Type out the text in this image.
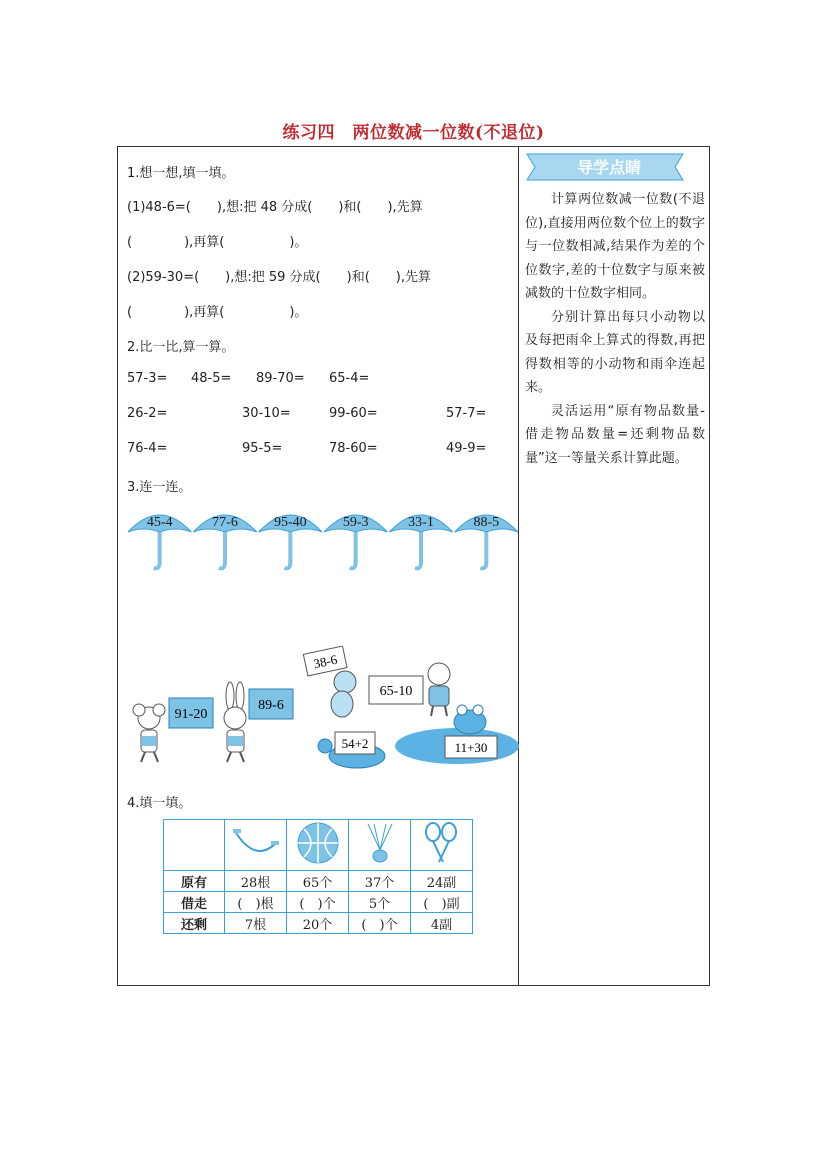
练习四　两位数减一位数(不退位)
1.想一想,填一填。
(1)48-6=(　　),想:把 48 分成(　　)和(　　),先算
(　　　　),再算(　　　　　)。
(2)59-30=(　　),想:把 59 分成(　　)和(　　),先算
(　　　　),再算(　　　　　)。
2.比一比,算一算。
57-3= 48-5= 89-70= 65-4=
26-2=	30-10=	99-60=	57-7=
76-4=	95-5=	78-60=	49-9=
3.连一连。
45-4	77-6	95-40	59-3	33-1	88-5
91-20
89-6
38-6
54+2
65-10
11+30
4.填一填。

原有	28根	65个	37个	24副
借走	(　)根	(　)个	5个	(　)副
还剩	7根	20个	(　)个	4副
导学点睛

计算两位数减一位数(不退位),直接用两位数个位上的数字与一位数相减,结果作为差的个位数字,差的十位数字与原来被减数的十位数字相同。

分别计算出每只小动物以及每把雨伞上算式的得数,再把得数相等的小动物和雨伞连起来。

灵活运用“原有物品数量-借走物品数量=还剩物品数量”这一等量关系计算此题。
